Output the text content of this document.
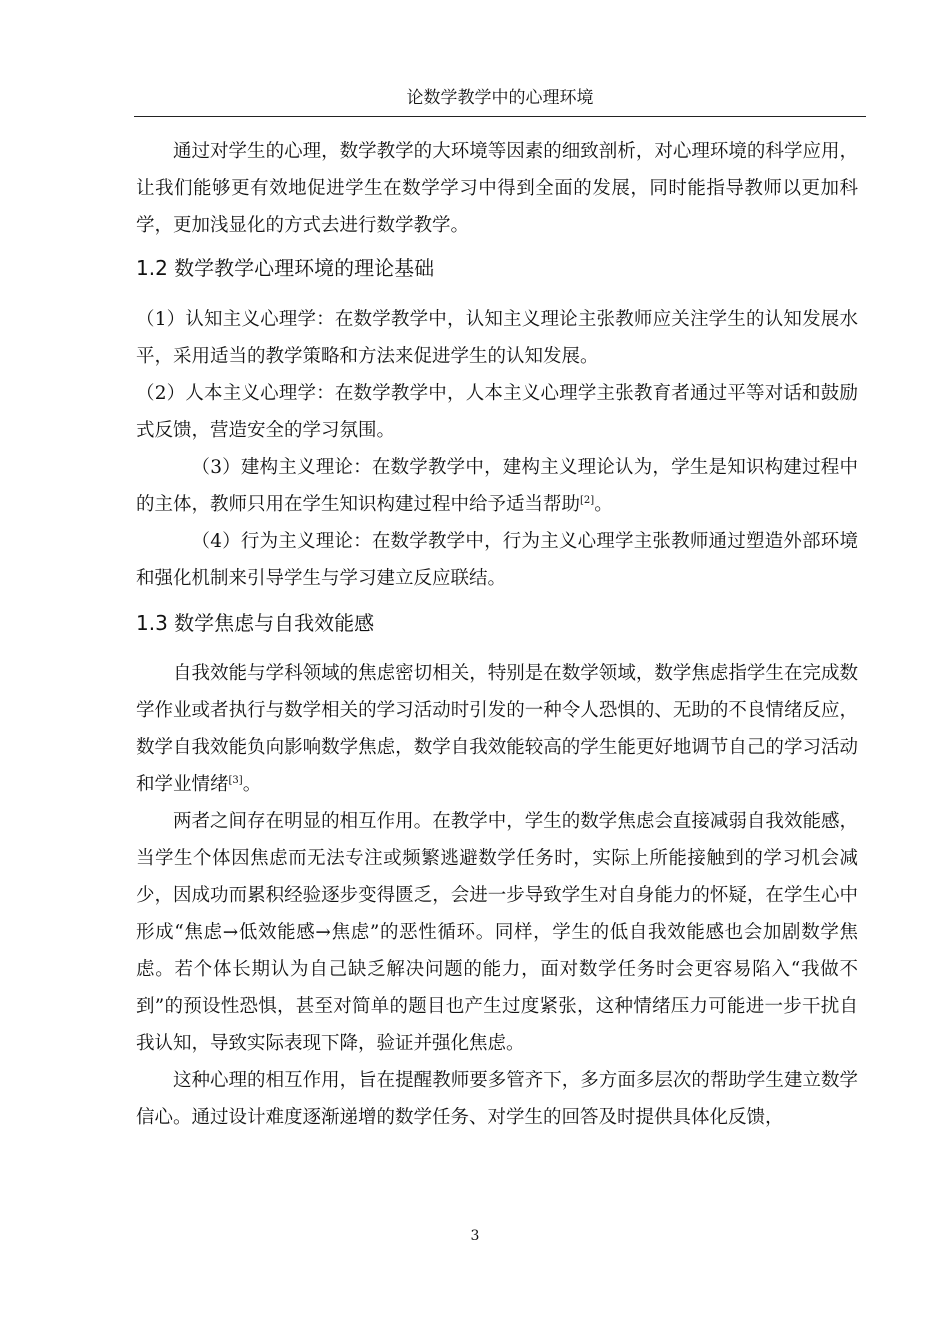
论数学教学中的心理环境

通过对学生的心理，数学教学的大环境等因素的细致剖析，对心理环境的科学应用，让我们能够更有效地促进学生在数学学习中得到全面的发展，同时能指导教师以更加科学，更加浅显化的方式去进行数学教学。

1.2 数学教学心理环境的理论基础

（1）认知主义心理学：在数学教学中，认知主义理论主张教师应关注学生的认知发展水平，采用适当的教学策略和方法来促进学生的认知发展。

（2）人本主义心理学：在数学教学中，人本主义心理学主张教育者通过平等对话和鼓励式反馈，营造安全的学习氛围。

（3）建构主义理论：在数学教学中，建构主义理论认为，学生是知识构建过程中的主体，教师只用在学生知识构建过程中给予适当帮助[2]。

（4）行为主义理论：在数学教学中，行为主义心理学主张教师通过塑造外部环境和强化机制来引导学生与学习建立反应联结。

1.3 数学焦虑与自我效能感

自我效能与学科领域的焦虑密切相关，特别是在数学领域，数学焦虑指学生在完成数学作业或者执行与数学相关的学习活动时引发的一种令人恐惧的、无助的不良情绪反应，数学自我效能负向影响数学焦虑，数学自我效能较高的学生能更好地调节自己的学习活动和学业情绪[3]。

两者之间存在明显的相互作用。在教学中，学生的数学焦虑会直接减弱自我效能感，当学生个体因焦虑而无法专注或频繁逃避数学任务时，实际上所能接触到的学习机会减少，因成功而累积经验逐步变得匮乏，会进一步导致学生对自身能力的怀疑，在学生心中形成“焦虑→低效能感→焦虑”的恶性循环。同样，学生的低自我效能感也会加剧数学焦虑。若个体长期认为自己缺乏解决问题的能力，面对数学任务时会更容易陷入“我做不到”的预设性恐惧，甚至对简单的题目也产生过度紧张，这种情绪压力可能进一步干扰自我认知，导致实际表现下降，验证并强化焦虑。

这种心理的相互作用，旨在提醒教师要多管齐下，多方面多层次的帮助学生建立数学信心。通过设计难度逐渐递增的数学任务、对学生的回答及时提供具体化反馈，

3
